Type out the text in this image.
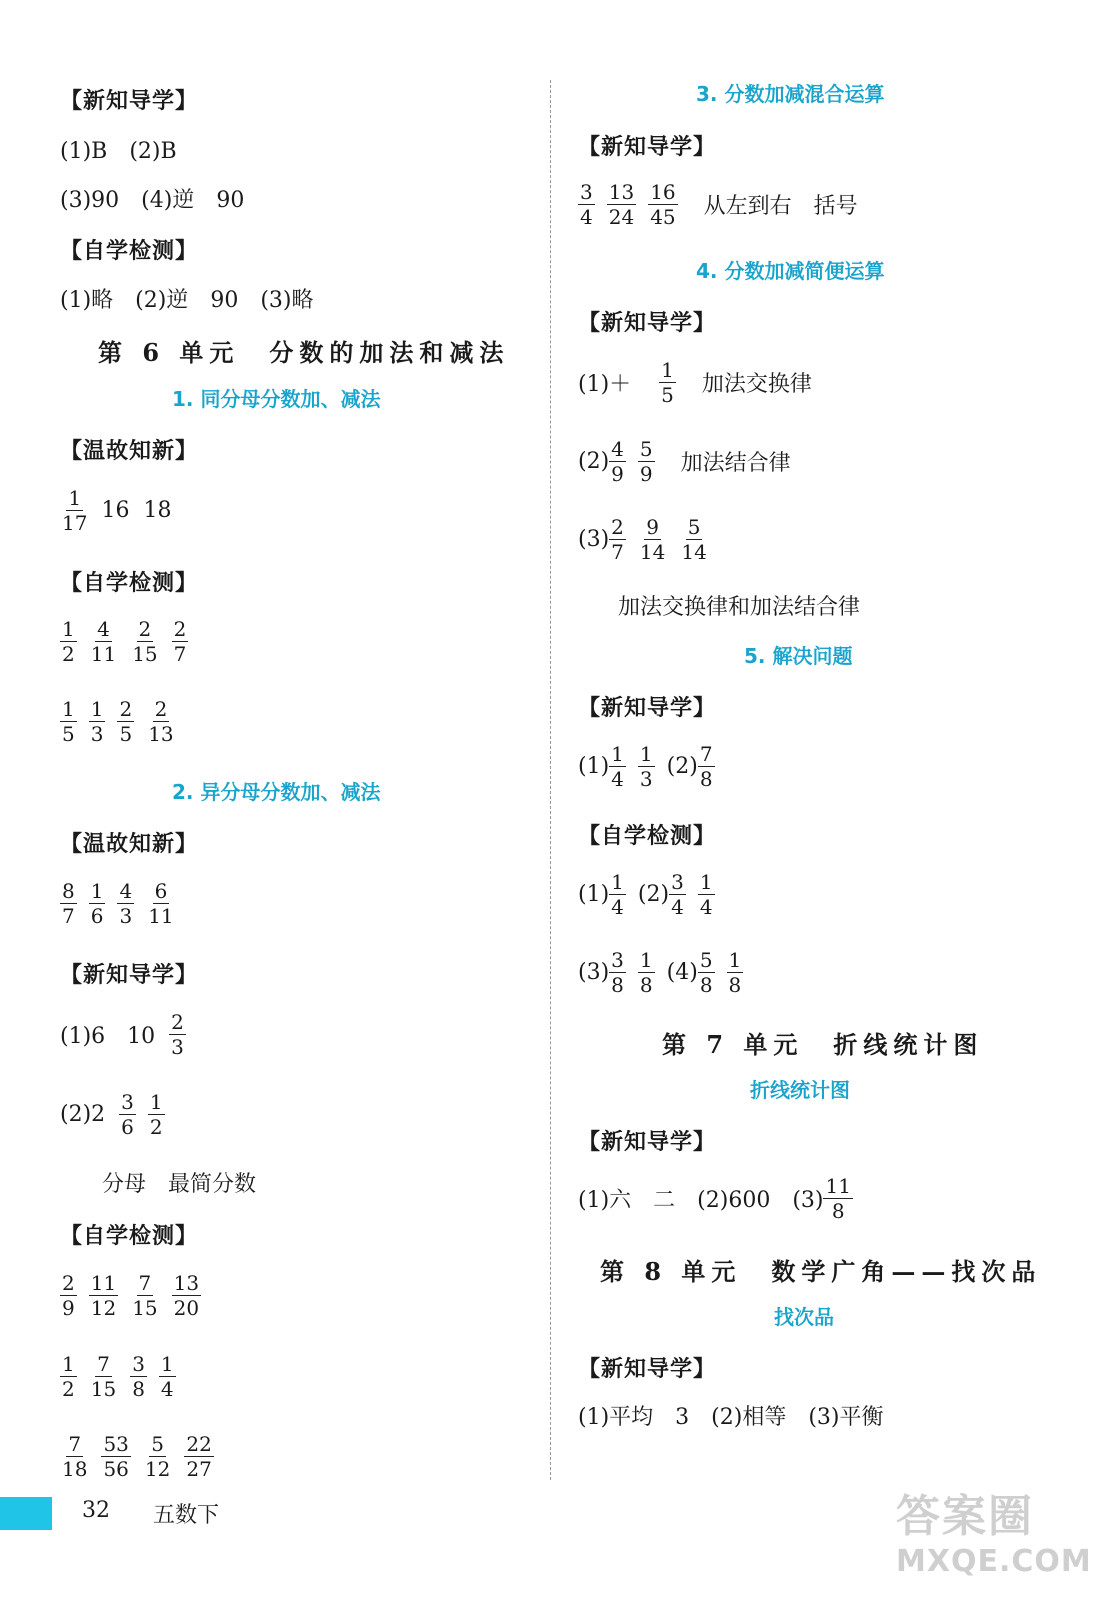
【新知导学】
(1)B　(2)B
(3)90　(4)逆　90
【自学检测】
(1)略　(2)逆　90　(3)略
第 6 单元　分数的加法和减法
1. 同分母分数加、减法
【温故知新】
$\frac{1}{17} 16$ 18
【自学检测】
$\frac{1}{2} \frac{4}{11} \frac{2}{15} \frac{2}{7}$
$\frac{1}{5} \frac{1}{3} \frac{2}{5} \frac{2}{13}$
2. 异分母分数加、减法
【温故知新】
$\frac{8}{7} \frac{1}{6} \frac{4}{3} \frac{6}{11}$
【新知导学】
(1)6　$10 \frac{2}{3}$
$(2)2 \frac{3}{6} \frac{1}{2}$
分母　最简分数
【自学检测】
$\frac{2}{9} \frac{11}{12} \frac{7}{15} \frac{13}{20}$
$\frac{1}{2} \frac{7}{15} \frac{3}{8} \frac{1}{4}$
$\frac{7}{18} \frac{53}{56} \frac{5}{12} \frac{22}{27}$
3. 分数加减混合运算
【新知导学】
$\frac{3}{4} \frac{13}{24} \frac{16}{45}$ 从左到右　括号
4. 分数加减简便运算
【新知导学】
$(1)+ \frac{1}{5}$ 加法交换律
$(2) \frac{4}{9} \frac{5}{9}$ 加法结合律
$(3) \frac{2}{7} \frac{9}{14} \frac{5}{14}$
加法交换律和加法结合律
5. 解决问题
【新知导学】
$(1) \frac{1}{4} \frac{1}{3} (2) \frac{7}{8}$
【自学检测】
$(1) \frac{1}{4} (2) \frac{3}{4} \frac{1}{4}$
$(3) \frac{3}{8} \frac{1}{8} (4) \frac{5}{8} \frac{1}{8}$
第 7 单元　折线统计图
折线统计图
【新知导学】
(1)六　二　(2)600　$(3) \frac{11}{8}$
第 8 单元　数学广角——找次品
找次品
【新知导学】
(1)平均　3　(2)相等　(3)平衡
32 五数下	答案圈
MXQE.COM
